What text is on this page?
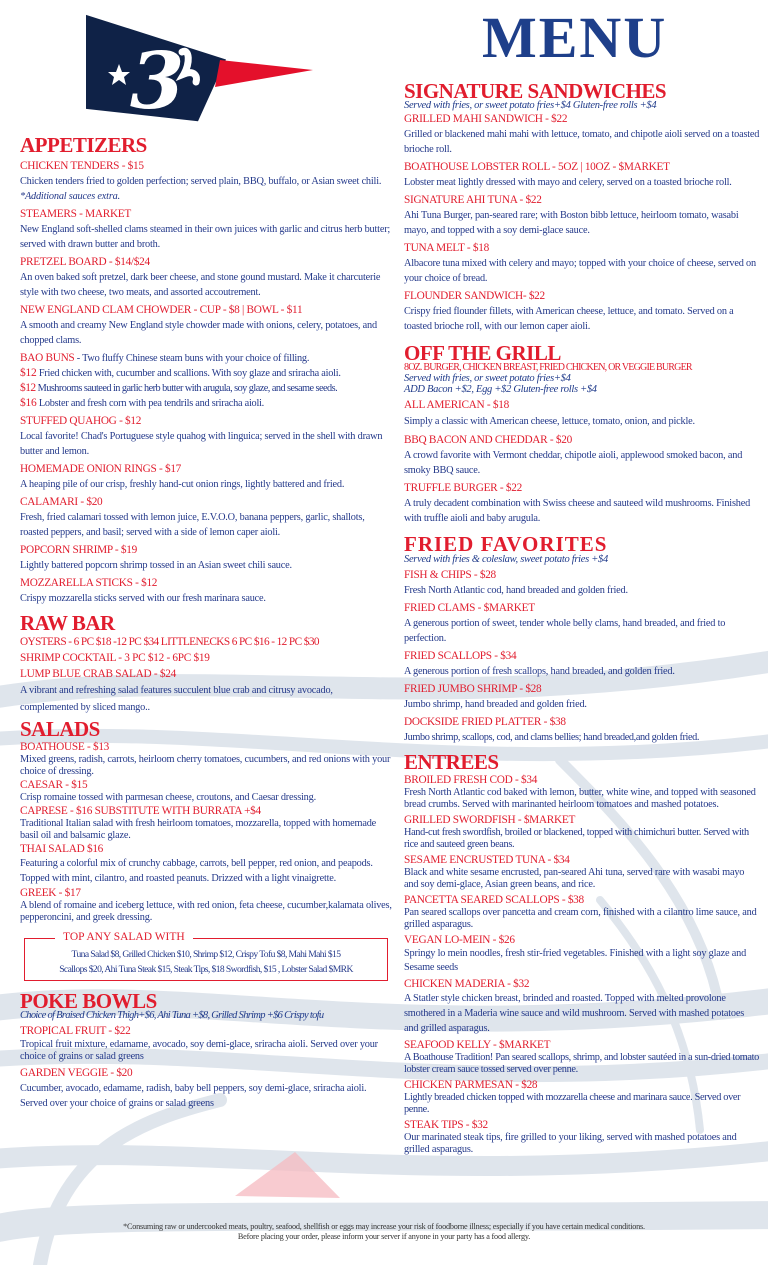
3	MENU
APPETIZERS
CHICKEN TENDERS - $15
Chicken tenders fried to golden perfection; served plain, BBQ, buffalo, or Asian sweet chili. *Additional sauces extra.
STEAMERS - MARKET
New England soft-shelled clams steamed in their own juices with garlic and citrus herb butter; served with drawn butter and broth.
PRETZEL BOARD - $14/$24
An oven baked soft pretzel, dark beer cheese, and stone gound mustard. Make it charcuterie style with two cheese, two meats, and assorted accoutrement.
NEW ENGLAND CLAM CHOWDER - CUP - $8 | BOWL - $11
A smooth and creamy New England style chowder made with onions, celery, potatoes, and chopped clams.
BAO BUNS - Two fluffy Chinese steam buns with your choice of filling.
$12 Fried chicken with, cucumber and scallions. With soy glaze and sriracha aioli.
$12 Mushrooms sauteed in garlic herb butter with arugula, soy glaze, and sesame seeds.
$16 Lobster and fresh corn with pea tendrils and sriracha aioli.
STUFFED QUAHOG - $12
Local favorite! Chad's Portuguese style quahog with linguica; served in the shell with drawn butter and lemon.
HOMEMADE ONION RINGS - $17
A heaping pile of our crisp, freshly hand-cut onion rings, lightly battered and fried.
CALAMARI - $20
Fresh, fried calamari tossed with lemon juice, E.V.O.O, banana peppers, garlic, shallots, roasted peppers, and basil; served with a side of lemon caper aioli.
POPCORN SHRIMP - $19
Lightly battered popcorn shrimp tossed in an Asian sweet chili sauce.
MOZZARELLA STICKS - $12
Crispy mozzarella sticks served with our fresh marinara sauce.
RAW BAR
OYSTERS - 6 PC $18 -12 PC $34 LITTLENECKS 6 PC $16 - 12 PC $30
SHRIMP COCKTAIL - 3 PC $12 - 6PC $19
LUMP BLUE CRAB SALAD - $24
A vibrant and refreshing salad features succulent blue crab and citrusy avocado, complemented by sliced mango..
SALADS
BOATHOUSE - $13
Mixed greens, radish, carrots, heirloom cherry tomatoes, cucumbers, and red onions with your choice of dressing.
CAESAR - $15
Crisp romaine tossed with parmesan cheese, croutons, and Caesar dressing.
CAPRESE - $16 SUBSTITUTE WITH BURRATA +$4
Traditional Italian salad with fresh heirloom tomatoes, mozzarella, topped with homemade basil oil and balsamic glaze.
THAI SALAD $16
Featuring a colorful mix of crunchy cabbage, carrots, bell pepper, red onion, and peapods. Topped with mint, cilantro, and roasted peanuts. Drizzed with a light vinaigrette.
GREEK - $17
A blend of romaine and iceberg lettuce, with red onion, feta cheese, cucumber,kalamata olives, pepperoncini, and greek dressing.
TOP ANY SALAD WITH
Tuna Salad $8, Grilled Chicken $10, Shrimp $12, Crispy Tofu $8, Mahi Mahi $15
Scallops $20, Ahi Tuna Steak $15, Steak Tips, $18 Swordfish, $15 , Lobster Salad $MRK
POKE BOWLS
Choice of Braised Chicken Thigh+$6, Ahi Tuna +$8, Grilled Shrimp +$6 Crispy tofu
TROPICAL FRUIT - $22
Tropical fruit mixture, edamame, avocado, soy demi-glace, sriracha aioli. Served over your choice of grains or salad greens
GARDEN VEGGIE - $20
Cucumber, avocado, edamame, radish, baby bell peppers, soy demi-glace, sriracha aioli. Served over your choice of grains or salad greens
SIGNATURE SANDWICHES
Served with fries, or sweet potato fries+$4 Gluten-free rolls +$4
GRILLED MAHI SANDWICH - $22
Grilled or blackened mahi mahi with lettuce, tomato, and chipotle aioli served on a toasted brioche roll.
BOATHOUSE LOBSTER ROLL - 5OZ | 10OZ - $MARKET
Lobster meat lightly dressed with mayo and celery, served on a toasted brioche roll.
SIGNATURE AHI TUNA - $22
Ahi Tuna Burger, pan-seared rare; with Boston bibb lettuce, heirloom tomato, wasabi mayo, and topped with a soy demi-glace sauce.
TUNA MELT - $18
Albacore tuna mixed with celery and mayo; topped with your choice of cheese, served on your choice of bread.
FLOUNDER SANDWICH- $22
Crispy fried flounder fillets, with American cheese, lettuce, and tomato. Served on a toasted brioche roll, with our lemon caper aioli.
OFF THE GRILL
8OZ. BURGER, CHICKEN BREAST, FRIED CHICKEN, OR VEGGIE BURGER
Served with fries, or sweet potato fries+$4
ADD Bacon +$2, Egg +$2 Gluten-free rolls +$4
ALL AMERICAN - $18
Simply a classic with American cheese, lettuce, tomato, onion, and pickle.
BBQ BACON AND CHEDDAR - $20
A crowd favorite with Vermont cheddar, chipotle aioli, applewood smoked bacon, and smoky BBQ sauce.
TRUFFLE BURGER - $22
A truly decadent combination with Swiss cheese and sauteed wild mushrooms. Finished with truffle aioli and baby arugula.
FRIED FAVORITES
Served with fries & coleslaw, sweet potato fries +$4
FISH & CHIPS - $28
Fresh North Atlantic cod, hand breaded and golden fried.
FRIED CLAMS - $MARKET
A generous portion of sweet, tender whole belly clams, hand breaded, and fried to perfection.
FRIED SCALLOPS - $34
A generous portion of fresh scallops, hand breaded, and golden fried.
FRIED JUMBO SHRIMP - $28
Jumbo shrimp, hand breaded and golden fried.
DOCKSIDE FRIED PLATTER - $38
Jumbo shrimp, scallops, cod, and clams bellies; hand breaded,and golden fried.
ENTREES
BROILED FRESH COD - $34
Fresh North Atlantic cod baked with lemon, butter, white wine, and topped with seasoned bread crumbs. Served with marinanted heirloom tomatoes and mashed potatoes.
GRILLED SWORDFISH - $MARKET
Hand-cut fresh swordfish, broiled or blackened, topped with chimichuri butter. Served with rice and sauteed green beans.
SESAME ENCRUSTED TUNA - $34
Black and white sesame encrusted, pan-seared Ahi tuna, served rare with wasabi mayo and soy demi-glace, Asian green beans, and rice.
PANCETTA SEARED SCALLOPS - $38
Pan seared scallops over pancetta and cream corn, finished with a cilantro lime sauce, and grilled asparagus.
VEGAN LO-MEIN - $26
Springy lo mein noodles, fresh stir-fried vegetables. Finished with a light soy glaze and Sesame seeds
CHICKEN MADERIA - $32
A Statler style chicken breast, brinded and roasted. Topped with melted provolone smothered in a Maderia wine sauce and wild mushroom. Served with mashed potatoes and grilled asparagus.
SEAFOOD KELLY - $MARKET
A Boathouse Tradition! Pan seared scallops, shrimp, and lobster sautéed in a sun-dried tomato lobster cream sauce tossed served over penne.
CHICKEN PARMESAN - $28
Lightly breaded chicken topped with mozzarella cheese and marinara sauce. Served over penne.
STEAK TIPS - $32
Our marinated steak tips, fire grilled to your liking, served with mashed potatoes and grilled asparagus.
*Consuming raw or undercooked meats, poultry, seafood, shellfish or eggs may increase your risk of foodborne illness; especially if you have certain medical conditions.
Before placing your order, please inform your server if anyone in your party has a food allergy.
